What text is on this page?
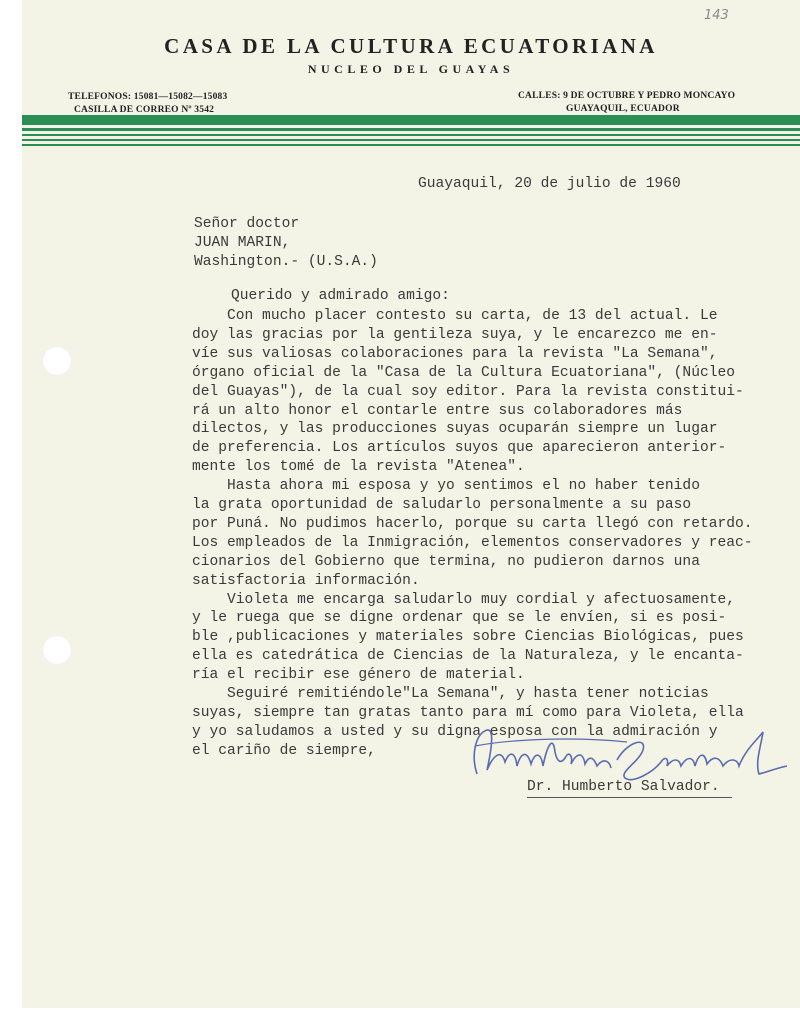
143
CASA DE LA CULTURA ECUATORIANA
NUCLEO DEL GUAYAS
TELEFONOS: 15081—15082—15083
CASILLA DE CORREO Nº 3542
CALLES: 9 DE OCTUBRE Y PEDRO MONCAYO
GUAYAQUIL, ECUADOR
Guayaquil, 20 de julio de 1960
Señor doctor
JUAN MARIN,
Washington.- (U.S.A.)
Querido y admirado amigo:
Con mucho placer contesto su carta, de 13 del actual. Le
doy las gracias por la gentileza suya, y le encarezco me en-
víe sus valiosas colaboraciones para la revista "La Semana",
órgano oficial de la "Casa de la Cultura Ecuatoriana", (Núcleo
del Guayas"), de la cual soy editor. Para la revista constitui-
rá un alto honor el contarle entre sus colaboradores más
dilectos, y las producciones suyas ocuparán siempre un lugar
de preferencia. Los artículos suyos que aparecieron anterior-
mente los tomé de la revista "Atenea".
Hasta ahora mi esposa y yo sentimos el no haber tenido
la grata oportunidad de saludarlo personalmente a su paso
por Puná. No pudimos hacerlo, porque su carta llegó con retardo.
Los empleados de la Inmigración, elementos conservadores y reac-
cionarios del Gobierno que termina, no pudieron darnos una
satisfactoria información.
Violeta me encarga saludarlo muy cordial y afectuosamente,
y le ruega que se digne ordenar que se le envíen, si es posi-
ble ,publicaciones y materiales sobre Ciencias Biológicas, pues
ella es catedrática de Ciencias de la Naturaleza, y le encanta-
ría el recibir ese género de material.
Seguiré remitiéndole"La Semana", y hasta tener noticias
suyas, siempre tan gratas tanto para mí como para Violeta, ella
y yo saludamos a usted y su digna esposa con la admiración y
el cariño de siempre,
Dr. Humberto Salvador.
